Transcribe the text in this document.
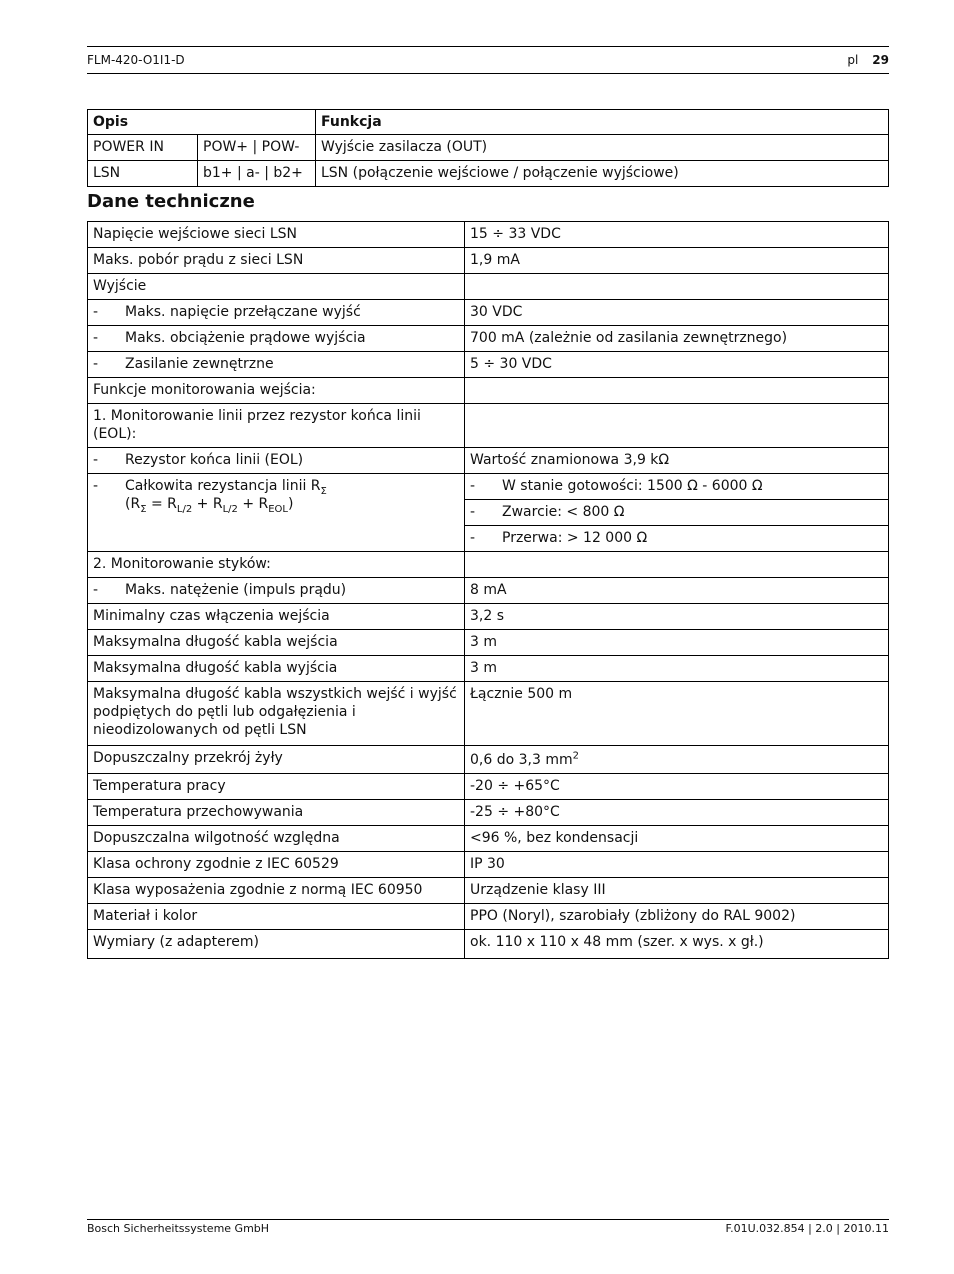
FLM-420-O1I1-D	pl 29
Opis		Funkcja
POWER IN	POW+ | POW-	Wyjście zasilacza (OUT)
LSN	b1+ | a- | b2+	LSN (połączenie wejściowe / połączenie wyjściowe)
Dane techniczne
Napięcie wejściowe sieci LSN	15 ÷ 33 VDC
Maks. pobór prądu z sieci LSN	1,9 mA
Wyjście	

- Maks. napięcie przełączane wyjść	30 VDC

- Maks. obciążenie prądowe wyjścia	700 mA (zależnie od zasilania zewnętrznego)

- Zasilanie zewnętrzne	5 ÷ 30 VDC
Funkcje monitorowania wejścia:	
1. Monitorowanie linii przez rezystor końca linii (EOL):	

- Rezystor końca linii (EOL)	Wartość znamionowa 3,9 kΩ

- Całkowita rezystancja linii $R_\Sigma$
$(R_\Sigma = R_{L/2} + R_{L/2} + R_{EOL})$	- W stanie gotowości: 1500 Ω - 6000 Ω

	- Zwarcie: < 800 Ω

	- Przerwa: > 12 000 Ω

2. Monitorowanie styków:	

- Maks. natężenie (impuls prądu)	8 mA
Minimalny czas włączenia wejścia	3,2 s
Maksymalna długość kabla wejścia	3 m
Maksymalna długość kabla wyjścia	3 m
Maksymalna długość kabla wszystkich wejść i wyjść podpiętych do pętli lub odgałęzienia i nieodizolowanych od pętli LSN	Łącznie 500 m
Dopuszczalny przekrój żyły	0,6 do 3,3 $mm^2$
Temperatura pracy	-20 ÷ +65°C
Temperatura przechowywania	-25 ÷ +80°C
Dopuszczalna wilgotność względna	<96 %, bez kondensacji
Klasa ochrony zgodnie z IEC 60529	IP 30
Klasa wyposażenia zgodnie z normą IEC 60950	Urządzenie klasy III
Materiał i kolor	PPO (Noryl), szarobiały (zbliżony do RAL 9002)
Wymiary (z adapterem)	ok. 110 x 110 x 48 mm (szer. x wys. x gł.)
Bosch Sicherheitssysteme GmbH	F.01U.032.854 | 2.0 | 2010.11
